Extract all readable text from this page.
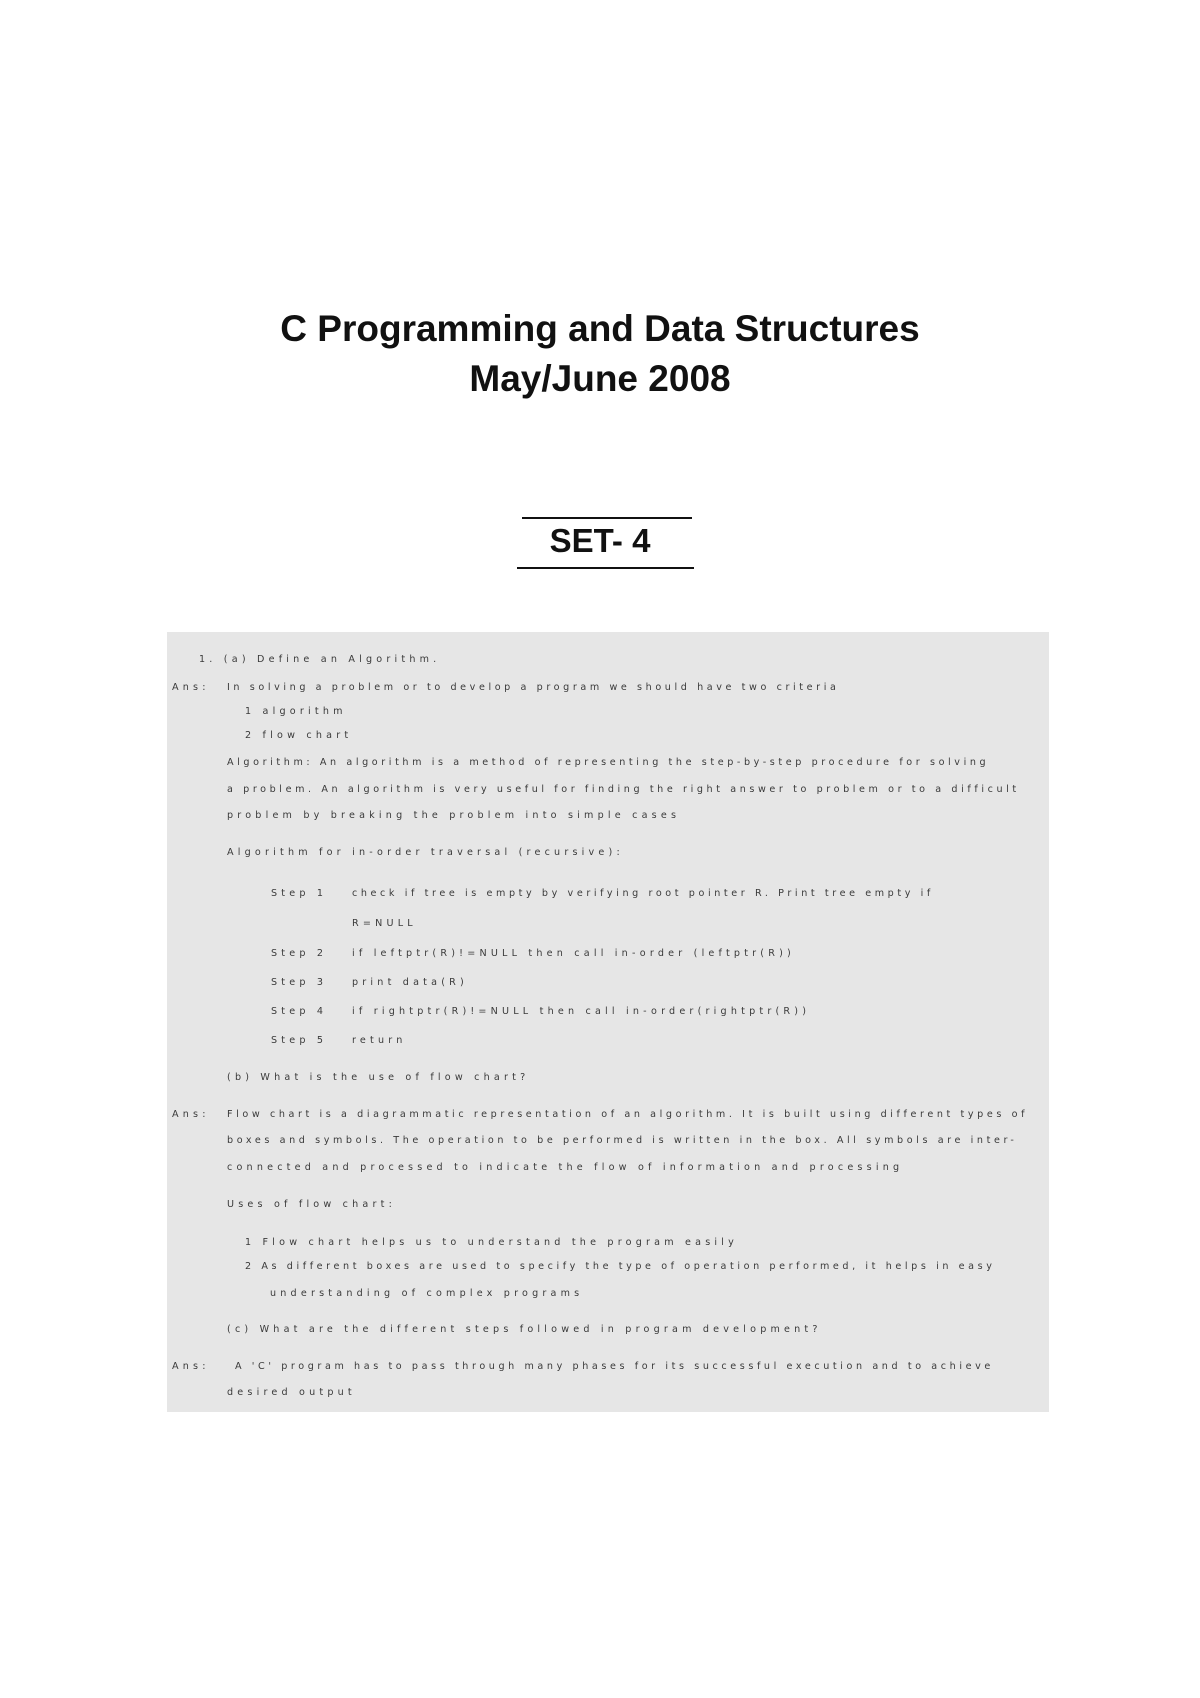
C Programming and Data Structures
May/June 2008
SET- 4

1. (a) Define an Algorithm.

Ans: In solving a problem or to develop a program we should have two criteria

1 algorithm

2 flow chart

Algorithm: An algorithm is a method of representing the step-by-step procedure for solving

a problem. An algorithm is very useful for finding the right answer to problem or to a difficult

problem by breaking the problem into simple cases

Algorithm for in-order traversal (recursive):

Step 1	check if tree is empty by verifying root pointer R. Print tree empty if

R=NULL

Step 2	if leftptr(R)!=NULL then call in-order (leftptr(R))

Step 3	print data(R)

Step 4	if rightptr(R)!=NULL then call in-order(rightptr(R))

Step 5	return

(b) What is the use of flow chart?

Ans: Flow chart is a diagrammatic representation of an algorithm. It is built using different types of

boxes and symbols. The operation to be performed is written in the box. All symbols are inter-

connected and processed to indicate the flow of information and processing

Uses of flow chart:

1 Flow chart helps us to understand the program easily

2 As different boxes are used to specify the type of operation performed, it helps in easy

understanding of complex programs

(c) What are the different steps followed in program development?

Ans:	A 'C' program has to pass through many phases for its successful execution and to achieve

desired output
